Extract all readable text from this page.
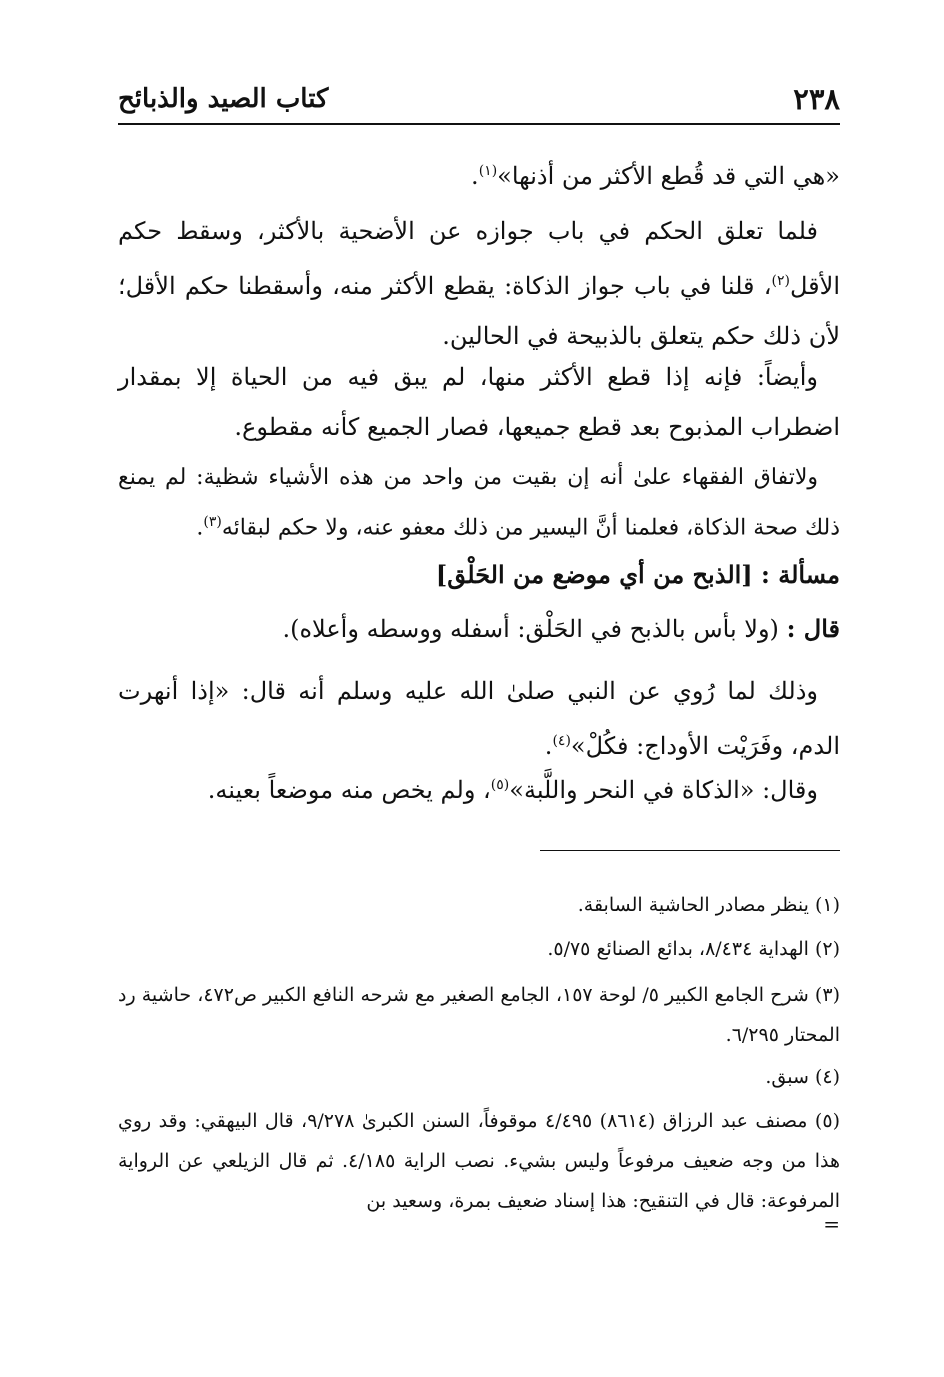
٢٣٨
كتاب الصيد والذبائح

«هي التي قد قُطع الأكثر من أذنها»$^{(١)}$.

فلما تعلق الحكم في باب جوازه عن الأضحية بالأكثر، وسقط حكم الأقل$^{(٢)}$، قلنا في باب جواز الذكاة: يقطع الأكثر منه، وأسقطنا حكم الأقل؛ لأن ذلك حكم يتعلق بالذبيحة في الحالين.

وأيضاً: فإنه إذا قطع الأكثر منها، لم يبق فيه من الحياة إلا بمقدار اضطراب المذبوح بعد قطع جميعها، فصار الجميع كأنه مقطوع.

ولاتفاق الفقهاء علىٰ أنه إن بقيت من واحد من هذه الأشياء شظية: لم يمنع ذلك صحة الذكاة، فعلمنا أنَّ اليسير من ذلك معفو عنه، ولا حكم لبقائه$^{(٣)}$.

مسألة : [الذبح من أي موضع من الحَلْق]

قال : (ولا بأس بالذبح في الحَلْق: أسفله ووسطه وأعلاه).

وذلك لما رُوي عن النبي صلىٰ الله عليه وسلم أنه قال: «إذا أنهرت الدم، وفَرَيْت الأوداج: فكُلْ»$^{(٤)}$.

وقال: «الذكاة في النحر واللَّبة»$^{(٥)}$، ولم يخص منه موضعاً بعينه.

(١) ينظر مصادر الحاشية السابقة.

(٢) الهداية ٨/٤٣٤، بدائع الصنائع ٥/٧٥.

(٣) شرح الجامع الكبير ٥/ لوحة ١٥٧، الجامع الصغير مع شرحه النافع الكبير ص٤٧٢، حاشية رد المحتار ٦/٢٩٥.

(٤) سبق.

(٥) مصنف عبد الرزاق (٨٦١٤) ٤/٤٩٥ موقوفاً، السنن الكبرىٰ ٩/٢٧٨، قال البيهقي: وقد روي هذا من وجه ضعيف مرفوعاً وليس بشيء. نصب الراية ٤/١٨٥. ثم قال الزيلعي عن الرواية المرفوعة: قال في التنقيح: هذا إسناد ضعيف بمرة، وسعيد بن

=
